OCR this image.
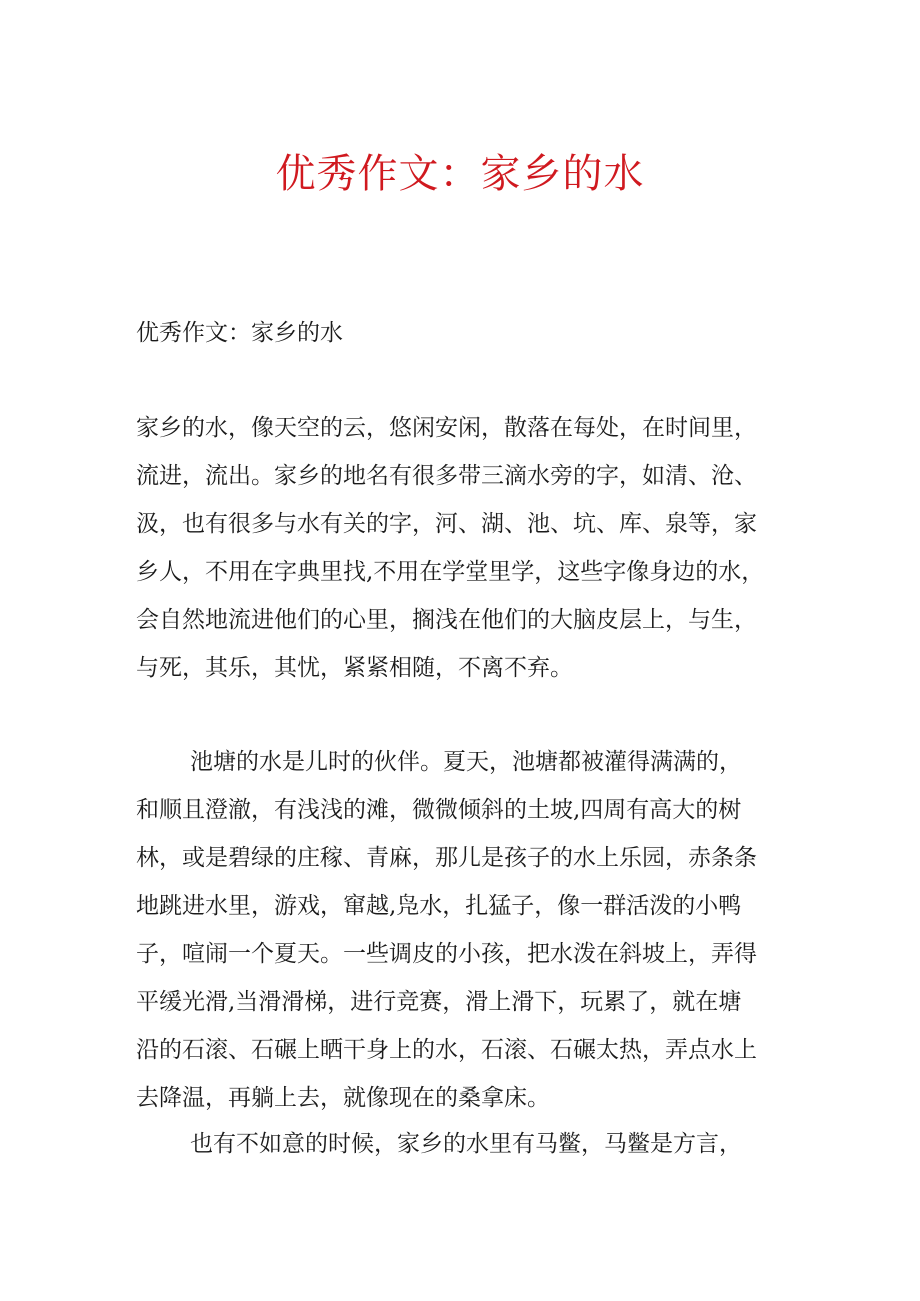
优秀作文：家乡的水
优秀作文：家乡的水
家乡的水，像天空的云，悠闲安闲，散落在每处，在时间里，
流进，流出。家乡的地名有很多带三滴水旁的字，如清、沧、
汲，也有很多与水有关的字，河、湖、池、坑、库、泉等，家
乡人，不用在字典里找,不用在学堂里学，这些字像身边的水，
会自然地流进他们的心里，搁浅在他们的大脑皮层上，与生，
与死，其乐，其忧，紧紧相随，不离不弃。
池塘的水是儿时的伙伴。夏天，池塘都被灌得满满的，
和顺且澄澈，有浅浅的滩，微微倾斜的土坡,四周有高大的树
林，或是碧绿的庄稼、青麻，那儿是孩子的水上乐园，赤条条
地跳进水里，游戏，窜越,凫水，扎猛子，像一群活泼的小鸭
子，喧闹一个夏天。一些调皮的小孩，把水泼在斜坡上，弄得
平缓光滑,当滑滑梯，进行竞赛，滑上滑下，玩累了，就在塘
沿的石滚、石碾上晒干身上的水，石滚、石碾太热，弄点水上
去降温，再躺上去，就像现在的桑拿床。
也有不如意的时候，家乡的水里有马鳖，马鳖是方言，
